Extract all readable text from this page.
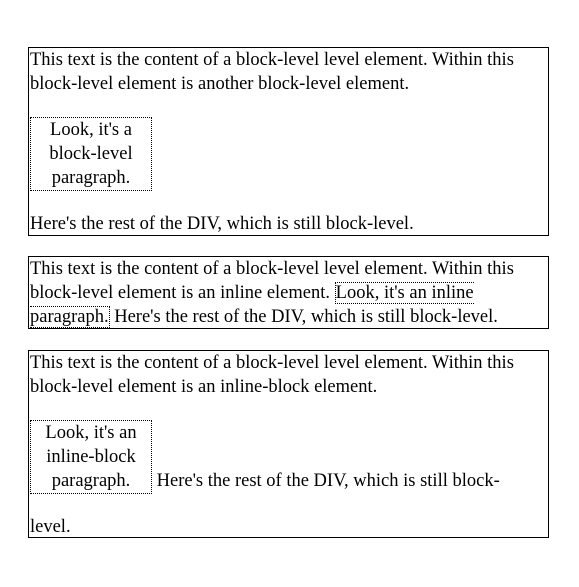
This text is the content of a block-level level element. Within this block-level element is another block-level element.

Look, it's a block-level paragraph.

Here's the rest of the DIV, which is still block-level.
This text is the content of a block-level level element. Within this block-level element is an inline element. Look, it's an inline paragraph. Here's the rest of the DIV, which is still block-level.
This text is the content of a block-level level element. Within this block-level element is an inline-block element.
Look, it's an inline-block paragraph. Here's the rest of the DIV, which is still block-
level.
